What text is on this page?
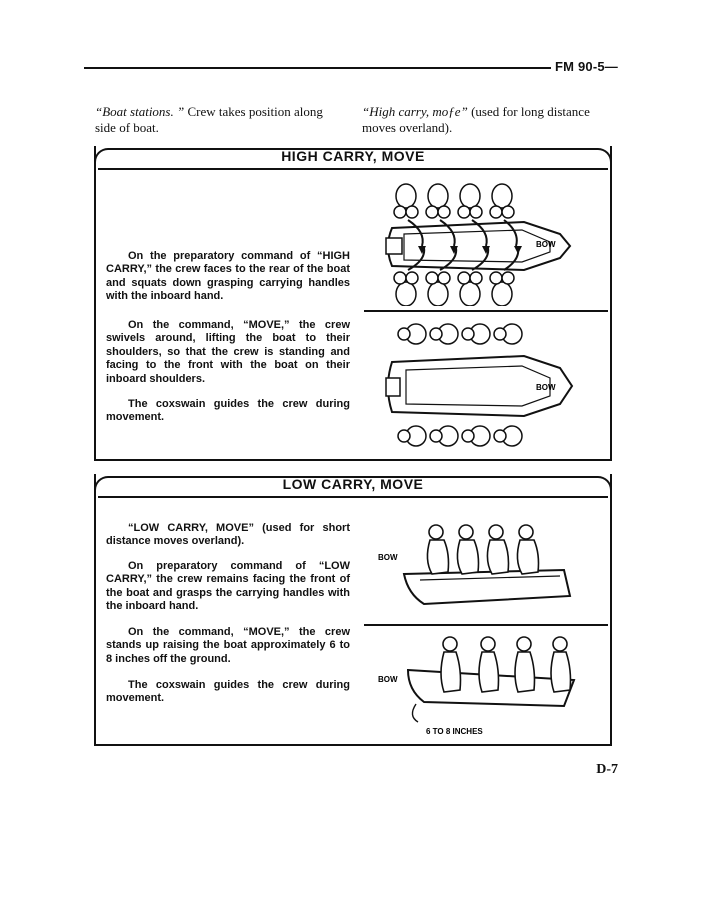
FM 90-5—
“Boat stations. ” Crew takes position along side of boat.
“High carry, moƒe” (used for long distance moves overland).
HIGH CARRY, MOVE
On the preparatory command of “HIGH CARRY,” the crew faces to the rear of the boat and squats down grasping carrying handles with the inboard hand.
On the command, “MOVE,” the crew swivels around, lifting the boat to their shoulders, so that the crew is standing and facing to the front with the boat on their inboard shoulders.
The coxswain guides the crew during movement.
BOW
BOW
LOW CARRY, MOVE
“LOW CARRY, MOVE” (used for short distance moves overland).
On preparatory command of “LOW CARRY,” the crew remains facing the front of the boat and grasps the carrying handles with the inboard hand.
On the command, “MOVE,” the crew stands up raising the boat approximately 6 to 8 inches off the ground.
The coxswain guides the crew during movement.
BOW
BOW
6 TO 8 INCHES
D-7
